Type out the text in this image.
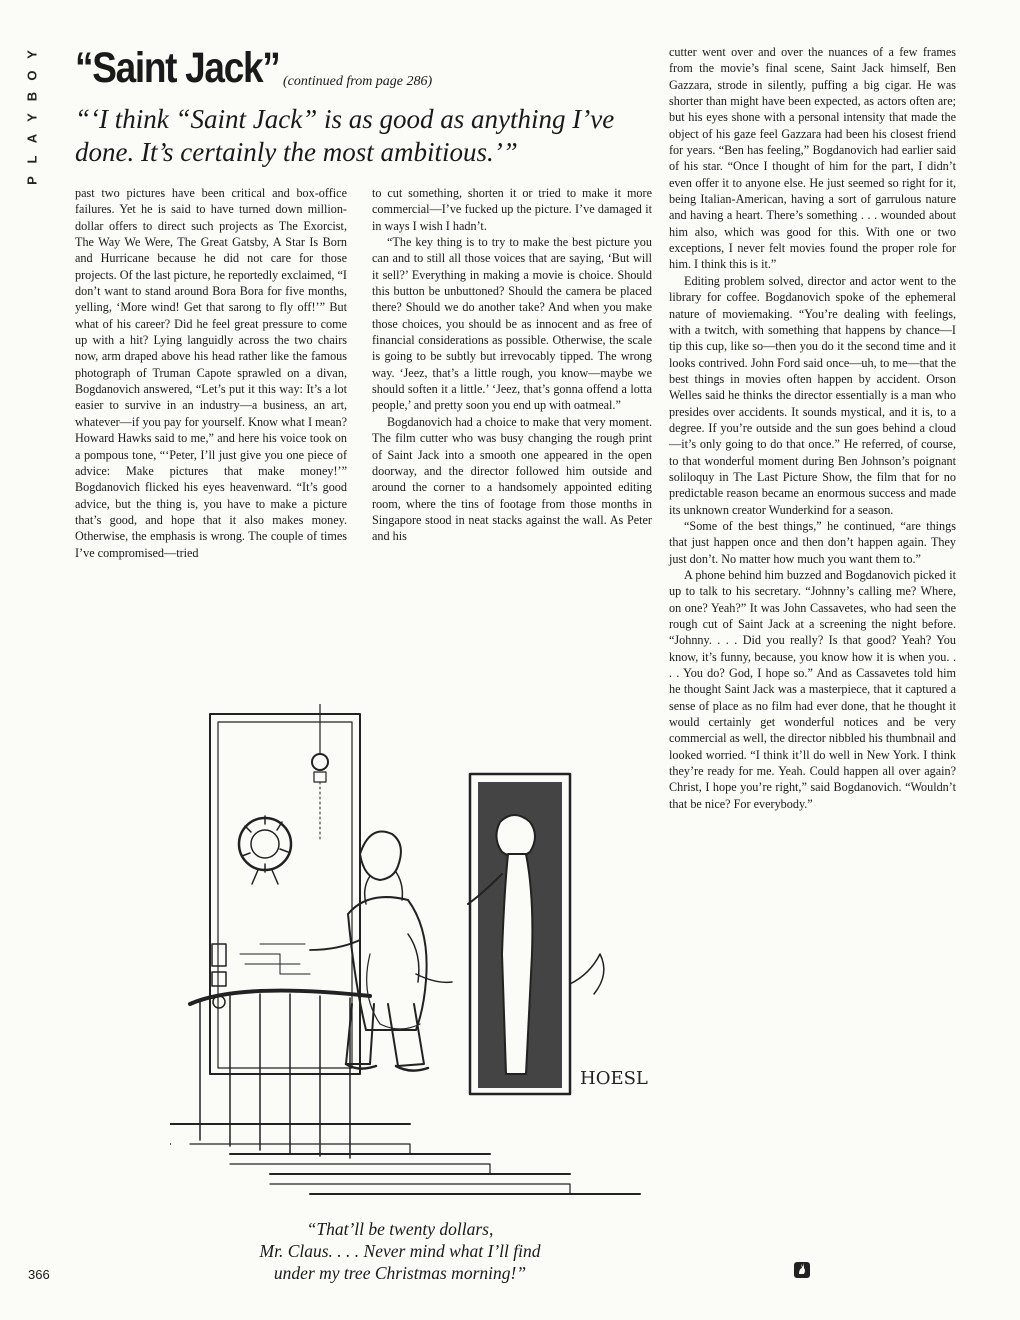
Y
O
B
Y
A
L
P
“Saint Jack” (continued from page 286)
“‘I think “Saint Jack” is as good as anything I’ve done. It’s certainly the most ambitious.’”

past two pictures have been critical and box-office failures. Yet he is said to have turned down million-dollar offers to direct such projects as The Exorcist, The Way We Were, The Great Gatsby, A Star Is Born and Hurricane because he did not care for those projects. Of the last picture, he reportedly exclaimed, “I don’t want to stand around Bora Bora for five months, yelling, ‘More wind! Get that sarong to fly off!’” But what of his career? Did he feel great pressure to come up with a hit? Lying languidly across the two chairs now, arm draped above his head rather like the famous photograph of Truman Capote sprawled on a divan, Bogdanovich answered, “Let’s put it this way: It’s a lot easier to survive in an industry—a business, an art, whatever—if you pay for yourself. Know what I mean? Howard Hawks said to me,” and here his voice took on a pompous tone, “‘Peter, I’ll just give you one piece of advice: Make pictures that make money!’” Bogdanovich flicked his eyes heavenward. “It’s good advice, but the thing is, you have to make a picture that’s good, and hope that it also makes money. Otherwise, the emphasis is wrong. The couple of times I’ve compromised—tried

to cut something, shorten it or tried to make it more commercial—I’ve fucked up the picture. I’ve damaged it in ways I wish I hadn’t.

“The key thing is to try to make the best picture you can and to still all those voices that are saying, ‘But will it sell?’ Everything in making a movie is choice. Should this button be unbuttoned? Should the camera be placed there? Should we do another take? And when you make those choices, you should be as innocent and as free of financial considerations as possible. Otherwise, the scale is going to be subtly but irrevocably tipped. The wrong way. ‘Jeez, that’s a little rough, you know—maybe we should soften it a little.’ ‘Jeez, that’s gonna offend a lotta people,’ and pretty soon you end up with oatmeal.”

Bogdanovich had a choice to make that very moment. The film cutter who was busy changing the rough print of Saint Jack into a smooth one appeared in the open doorway, and the director followed him outside and around the corner to a handsomely appointed editing room, where the tins of footage from those months in Singapore stood in neat stacks against the wall. As Peter and his

cutter went over and over the nuances of a few frames from the movie’s final scene, Saint Jack himself, Ben Gazzara, strode in silently, puffing a big cigar. He was shorter than might have been expected, as actors often are; but his eyes shone with a personal intensity that made the object of his gaze feel Gazzara had been his closest friend for years. “Ben has feeling,” Bogdanovich had earlier said of his star. “Once I thought of him for the part, I didn’t even offer it to anyone else. He just seemed so right for it, being Italian-American, having a sort of garrulous nature and having a heart. There’s something . . . wounded about him also, which was good for this. With one or two exceptions, I never felt movies found the proper role for him. I think this is it.”

Editing problem solved, director and actor went to the library for coffee. Bogdanovich spoke of the ephemeral nature of moviemaking. “You’re dealing with feelings, with a twitch, with something that happens by chance—I tip this cup, like so—then you do it the second time and it looks contrived. John Ford said once—uh, to me—that the best things in movies often happen by accident. Orson Welles said he thinks the director essentially is a man who presides over accidents. It sounds mystical, and it is, to a degree. If you’re outside and the sun goes behind a cloud—it’s only going to do that once.” He referred, of course, to that wonderful moment during Ben Johnson’s poignant soliloquy in The Last Picture Show, the film that for no predictable reason became an enormous success and made its unknown creator Wunderkind for a season.

“Some of the best things,” he continued, “are things that just happen once and then don’t happen again. They just don’t. No matter how much you want them to.”

A phone behind him buzzed and Bogdanovich picked it up to talk to his secretary. “Johnny’s calling me? Where, on one? Yeah?” It was John Cassavetes, who had seen the rough cut of Saint Jack at a screening the night before. “Johnny. . . . Did you really? Is that good? Yeah? You know, it’s funny, because, you know how it is when you. . . . You do? God, I hope so.” And as Cassavetes told him he thought Saint Jack was a masterpiece, that it captured a sense of place as no film had ever done, that he thought it would certainly get wonderful notices and be very commercial as well, the director nibbled his thumbnail and looked worried. “I think it’ll do well in New York. I think they’re ready for me. Yeah. Could happen all over again? Christ, I hope you’re right,” said Bogdanovich. “Wouldn’t that be nice? For everybody.”

HOESL
“That’ll be twenty dollars,
Mr. Claus. . . . Never mind what I’ll find
under my tree Christmas morning!”
366
